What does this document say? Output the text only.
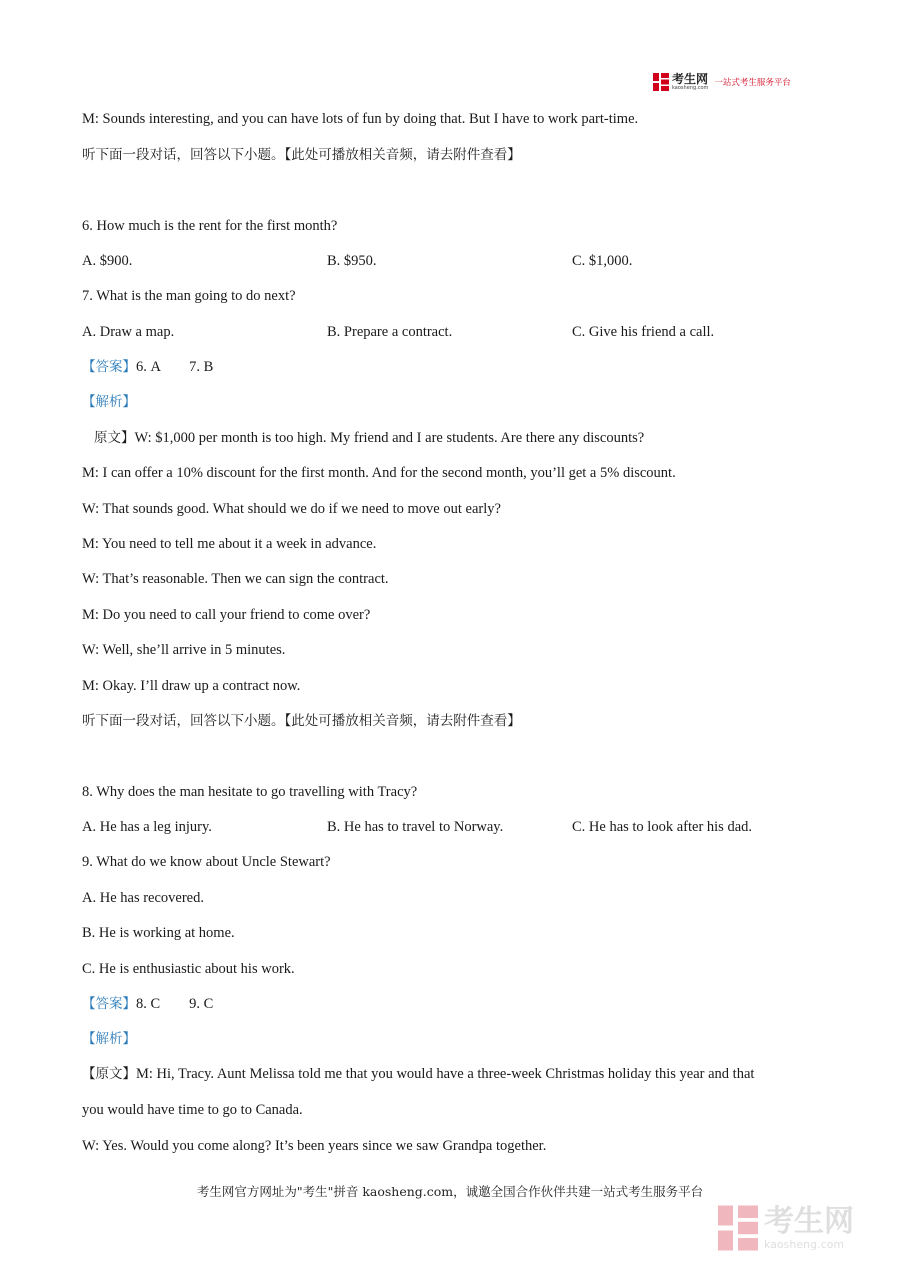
考生网
kaosheng.com 一站式考生服务平台
M: Sounds interesting, and you can have lots of fun by doing that. But I have to work part-time.
听下面一段对话，回答以下小题。【此处可播放相关音频，请去附件查看】
6. How much is the rent for the first month?
A. $900.	B. $950.	C. $1,000.
7. What is the man going to do next?
A. Draw a map.	B. Prepare a contract.	C. Give his friend a call.
【答案】6. A        7. B
【解析】
原文】W: $1,000 per month is too high. My friend and I are students. Are there any discounts?
M: I can offer a 10% discount for the first month. And for the second month, you’ll get a 5% discount.
W: That sounds good. What should we do if we need to move out early?
M: You need to tell me about it a week in advance.
W: That’s reasonable. Then we can sign the contract.
M: Do you need to call your friend to come over?
W: Well, she’ll arrive in 5 minutes.
M: Okay. I’ll draw up a contract now.
听下面一段对话，回答以下小题。【此处可播放相关音频，请去附件查看】
8. Why does the man hesitate to go travelling with Tracy?
A. He has a leg injury.	B. He has to travel to Norway.	C. He has to look after his dad.
9. What do we know about Uncle Stewart?
A. He has recovered.
B. He is working at home.
C. He is enthusiastic about his work.
【答案】8. C        9. C
【解析】
【原文】M: Hi, Tracy. Aunt Melissa told me that you would have a three-week Christmas holiday this year and that
you would have time to go to Canada.
W: Yes. Would you come along? It’s been years since we saw Grandpa together.
考生网官方网址为"考生"拼音 kaosheng.com，诚邀全国合作伙伴共建一站式考生服务平台
考生网
kaosheng.com
